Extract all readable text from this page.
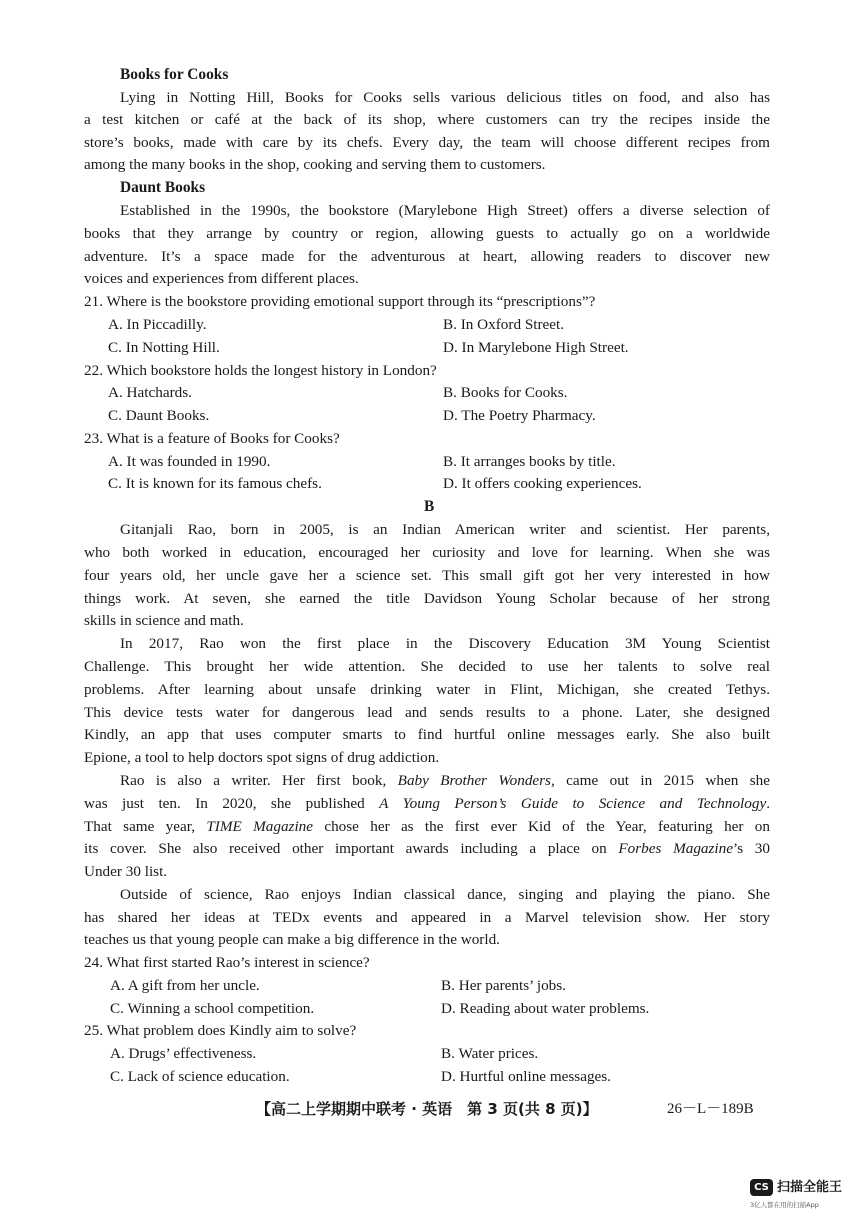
Books for Cooks
Lying in Notting Hill, Books for Cooks sells various delicious titles on food, and also has
a test kitchen or café at the back of its shop, where customers can try the recipes inside the
store’s books, made with care by its chefs. Every day, the team will choose different recipes from
among the many books in the shop, cooking and serving them to customers.
Daunt Books
Established in the 1990s, the bookstore (Marylebone High Street) offers a diverse selection of
books that they arrange by country or region, allowing guests to actually go on a worldwide
adventure. It’s a space made for the adventurous at heart, allowing readers to discover new
voices and experiences from different places.
21. Where is the bookstore providing emotional support through its “prescriptions”?
A. In Piccadilly.	B. In Oxford Street.
C. In Notting Hill.	D. In Marylebone High Street.
22. Which bookstore holds the longest history in London?
A. Hatchards.	B. Books for Cooks.
C. Daunt Books.	D. The Poetry Pharmacy.
23. What is a feature of Books for Cooks?
A. It was founded in 1990.	B. It arranges books by title.
C. It is known for its famous chefs.	D. It offers cooking experiences.
B
Gitanjali Rao, born in 2005, is an Indian American writer and scientist. Her parents,
who both worked in education, encouraged her curiosity and love for learning. When she was
four years old, her uncle gave her a science set. This small gift got her very interested in how
things work. At seven, she earned the title Davidson Young Scholar because of her strong
skills in science and math.
In 2017, Rao won the first place in the Discovery Education 3M Young Scientist
Challenge. This brought her wide attention. She decided to use her talents to solve real
problems. After learning about unsafe drinking water in Flint, Michigan, she created Tethys.
This device tests water for dangerous lead and sends results to a phone. Later, she designed
Kindly, an app that uses computer smarts to find hurtful online messages early. She also built
Epione, a tool to help doctors spot signs of drug addiction.
Rao is also a writer. Her first book, Baby Brother Wonders, came out in 2015 when she
was just ten. In 2020, she published A Young Person’s Guide to Science and Technology.
That same year, TIME Magazine chose her as the first ever Kid of the Year, featuring her on
its cover. She also received other important awards including a place on Forbes Magazine’s 30
Under 30 list.
Outside of science, Rao enjoys Indian classical dance, singing and playing the piano. She
has shared her ideas at TEDx events and appeared in a Marvel television show. Her story
teaches us that young people can make a big difference in the world.
24. What first started Rao’s interest in science?
A. A gift from her uncle.	B. Her parents’ jobs.
C. Winning a school competition.	D. Reading about water problems.
25. What problem does Kindly aim to solve?
A. Drugs’ effectiveness.	B. Water prices.
C. Lack of science education.	D. Hurtful online messages.
【高二上学期期中联考 · 英语　第 3 页(共 8 页)】	26－L－189B
CS 扫描全能王
3亿人都在用的扫描App
